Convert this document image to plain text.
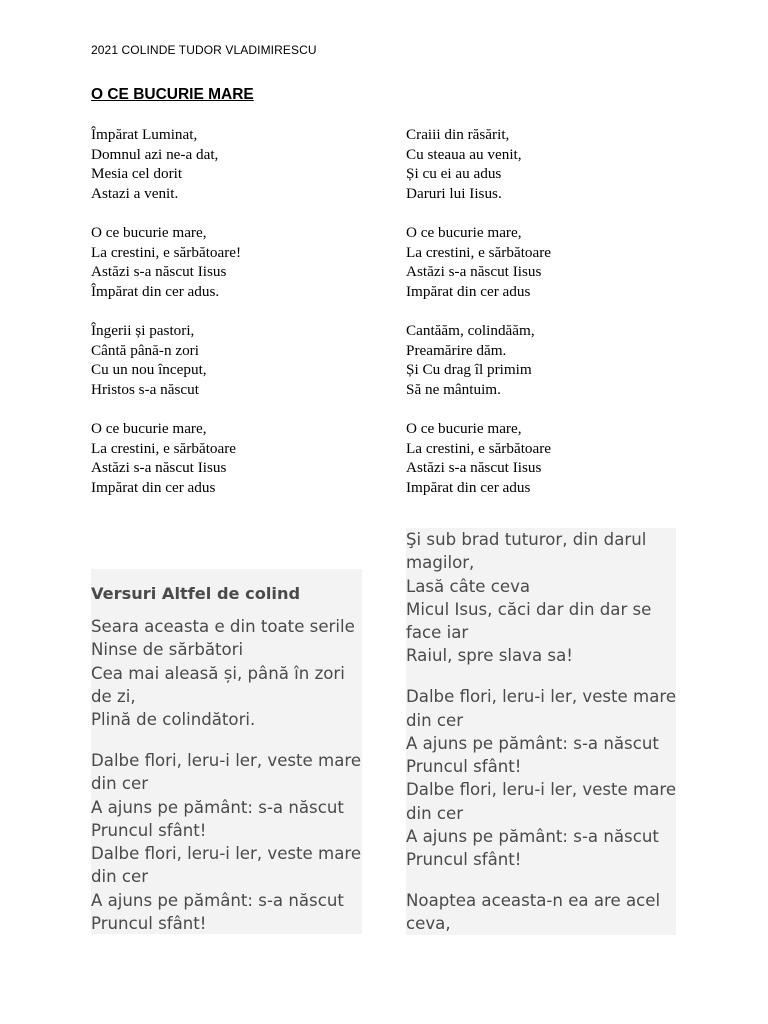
2021 COLINDE TUDOR VLADIMIRESCU
O CE BUCURIE MARE
Împărat Luminat,
Domnul azi ne-a dat,
Mesia cel dorit
Astazi a venit.
O ce bucurie mare,
La crestini, e sărbătoare!
Astăzi s-a născut Iisus
Împărat din cer adus.
Îngerii și pastori,
Cântă până-n zori
Cu un nou început,
Hristos s-a născut
O ce bucurie mare,
La crestini, e sărbătoare
Astăzi s-a născut Iisus
Impărat din cer adus
Craiii din răsărit,
Cu steaua au venit,
Și cu ei au adus
Daruri lui Iisus.
O ce bucurie mare,
La crestini, e sărbătoare
Astăzi s-a născut Iisus
Impărat din cer adus
Cantăăm, colindăăm,
Preamărire dăm.
Și Cu drag îl primim
Să ne mântuim.
O ce bucurie mare,
La crestini, e sărbătoare
Astăzi s-a născut Iisus
Impărat din cer adus
Versuri Altfel de colind
Seara aceasta e din toate serile
Ninse de sărbători
Cea mai aleasă și, până în zori
de zi,
Plină de colindători.
Dalbe flori, leru-i ler, veste mare
din cer
A ajuns pe pământ: s-a născut
Pruncul sfânt!
Dalbe flori, leru-i ler, veste mare
din cer
A ajuns pe pământ: s-a născut
Pruncul sfânt!
Şi sub brad tuturor, din darul
magilor,
Lasă câte ceva
Micul Isus, căci dar din dar se
face iar
Raiul, spre slava sa!
Dalbe flori, leru-i ler, veste mare
din cer
A ajuns pe pământ: s-a născut
Pruncul sfânt!
Dalbe flori, leru-i ler, veste mare
din cer
A ajuns pe pământ: s-a născut
Pruncul sfânt!
Noaptea aceasta-n ea are acel
ceva,
